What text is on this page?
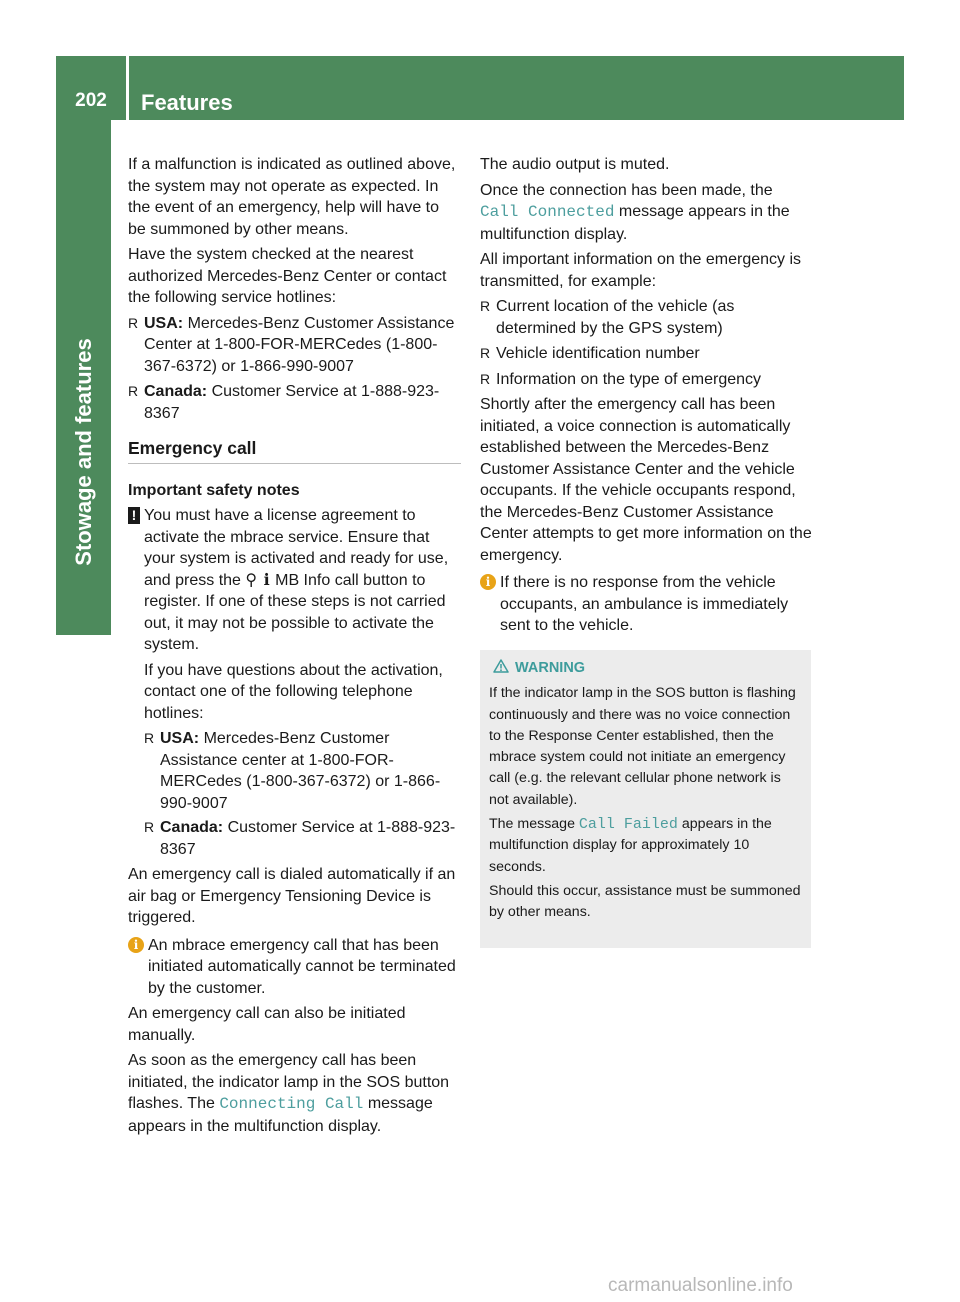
202	Features
Stowage and features

If a malfunction is indicated as outlined above, the system may not operate as expected. In the event of an emergency, help will have to be summoned by other means.

Have the system checked at the nearest authorized Mercedes-Benz Center or contact the following service hotlines:

R USA: Mercedes-Benz Customer Assistance Center at 1-800-FOR-MERCedes (1-800-367-6372) or 1-866-990-9007
R Canada: Customer Service at 1-888-923-8367
Emergency call
Important safety notes
! You must have a license agreement to activate the mbrace service. Ensure that your system is activated and ready for use, and press the ⚲ ℹ MB Info call button to register. If one of these steps is not carried out, it may not be possible to activate the system.

If you have questions about the activation, contact one of the following telephone hotlines:

R USA: Mercedes-Benz Customer Assistance center at 1-800-FOR-MERCedes (1-800-367-6372) or 1-866-990-9007
R Canada: Customer Service at 1-888-923-8367

An emergency call is dialed automatically if an air bag or Emergency Tensioning Device is triggered.

i An mbrace emergency call that has been initiated automatically cannot be terminated by the customer.

An emergency call can also be initiated manually.

As soon as the emergency call has been initiated, the indicator lamp in the SOS button flashes. The Connecting Call message appears in the multifunction display.

The audio output is muted.

Once the connection has been made, the Call Connected message appears in the multifunction display.

All important information on the emergency is transmitted, for example:

R Current location of the vehicle (as determined by the GPS system)
R Vehicle identification number
R Information on the type of emergency

Shortly after the emergency call has been initiated, a voice connection is automatically established between the Mercedes-Benz Customer Assistance Center and the vehicle occupants. If the vehicle occupants respond, the Mercedes-Benz Customer Assistance Center attempts to get more information on the emergency.

i If there is no response from the vehicle occupants, an ambulance is immediately sent to the vehicle.
WARNING

If the indicator lamp in the SOS button is flashing continuously and there was no voice connection to the Response Center established, then the mbrace system could not initiate an emergency call (e.g. the relevant cellular phone network is not available).

The message Call Failed appears in the multifunction display for approximately 10 seconds.

Should this occur, assistance must be summoned by other means.

carmanualsonline.info
